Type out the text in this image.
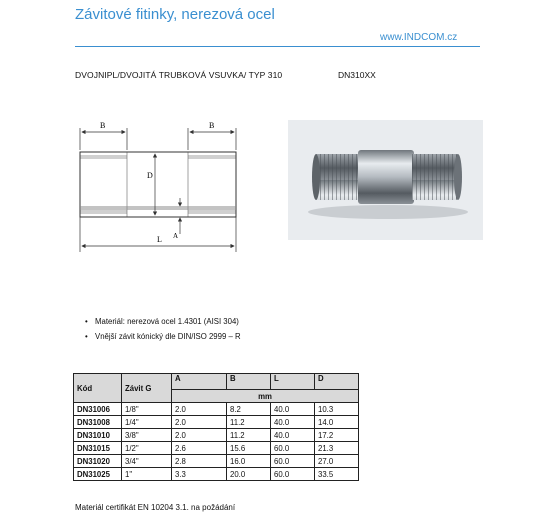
Závitové fitinky, nerezová ocel
www.INDCOM.cz
DVOJNIPL/DVOJITÁ TRUBKOVÁ VSUVKA/ TYP 310	DN310XX
B	B
D
A
L
• Materiál: nerezová ocel 1.4301 (AISI 304)
• Vnější závit kónický dle DIN/ISO 2999 – R
Kód	Závit G	A	B	L	D
		mm			
DN31006	1/8"	2.0	8.2	40.0	10.3
DN31008	1/4"	2.0	11.2	40.0	14.0
DN31010	3/8"	2.0	11.2	40.0	17.2
DN31015	1/2"	2.6	15.6	60.0	21.3
DN31020	3/4"	2.8	16.0	60.0	27.0
DN31025	1"	3.3	20.0	60.0	33.5
Materiál certifikát EN 10204 3.1. na požádání
